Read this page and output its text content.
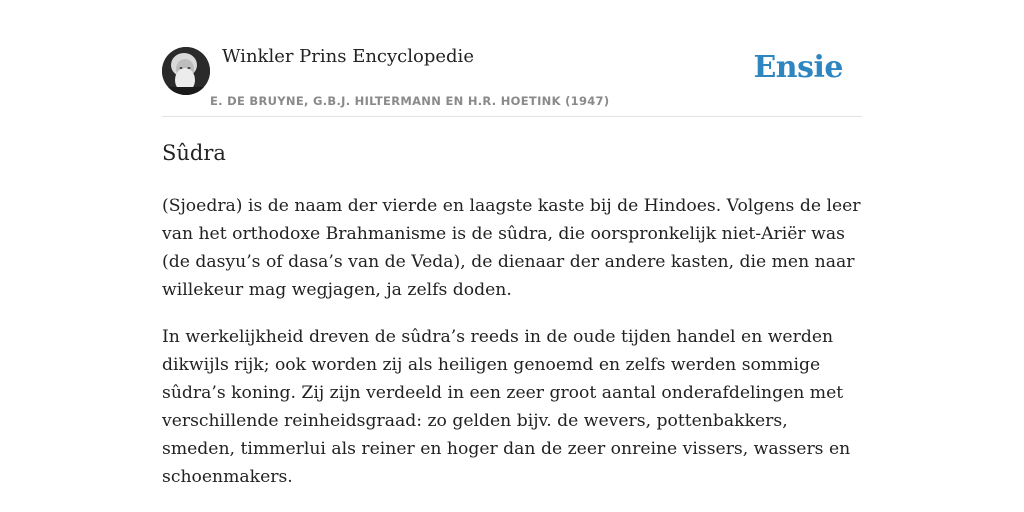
Winkler Prins Encyclopedie
E. DE BRUYNE, G.B.J. HILTERMANN EN H.R. HOETINK (1947)
Ensie
Sûdra

(Sjoedra) is de naam der vierde en laagste kaste bij de Hindoes. Volgens de leer van het orthodoxe Brahmanisme is de sûdra, die oorspronkelijk niet-Ariër was (de dasyu’s of dasa’s van de Veda), de dienaar der andere kasten, die men naar willekeur mag wegjagen, ja zelfs doden.

In werkelijkheid dreven de sûdra’s reeds in de oude tijden handel en werden dikwijls rijk; ook worden zij als heiligen genoemd en zelfs werden sommige sûdra’s koning. Zij zijn verdeeld in een zeer groot aantal onderafdelingen met verschillende reinheidsgraad: zo gelden bijv. de wevers, pottenbakkers, smeden, timmerlui als reiner en hoger dan de zeer onreine vissers, wassers en schoenmakers.
